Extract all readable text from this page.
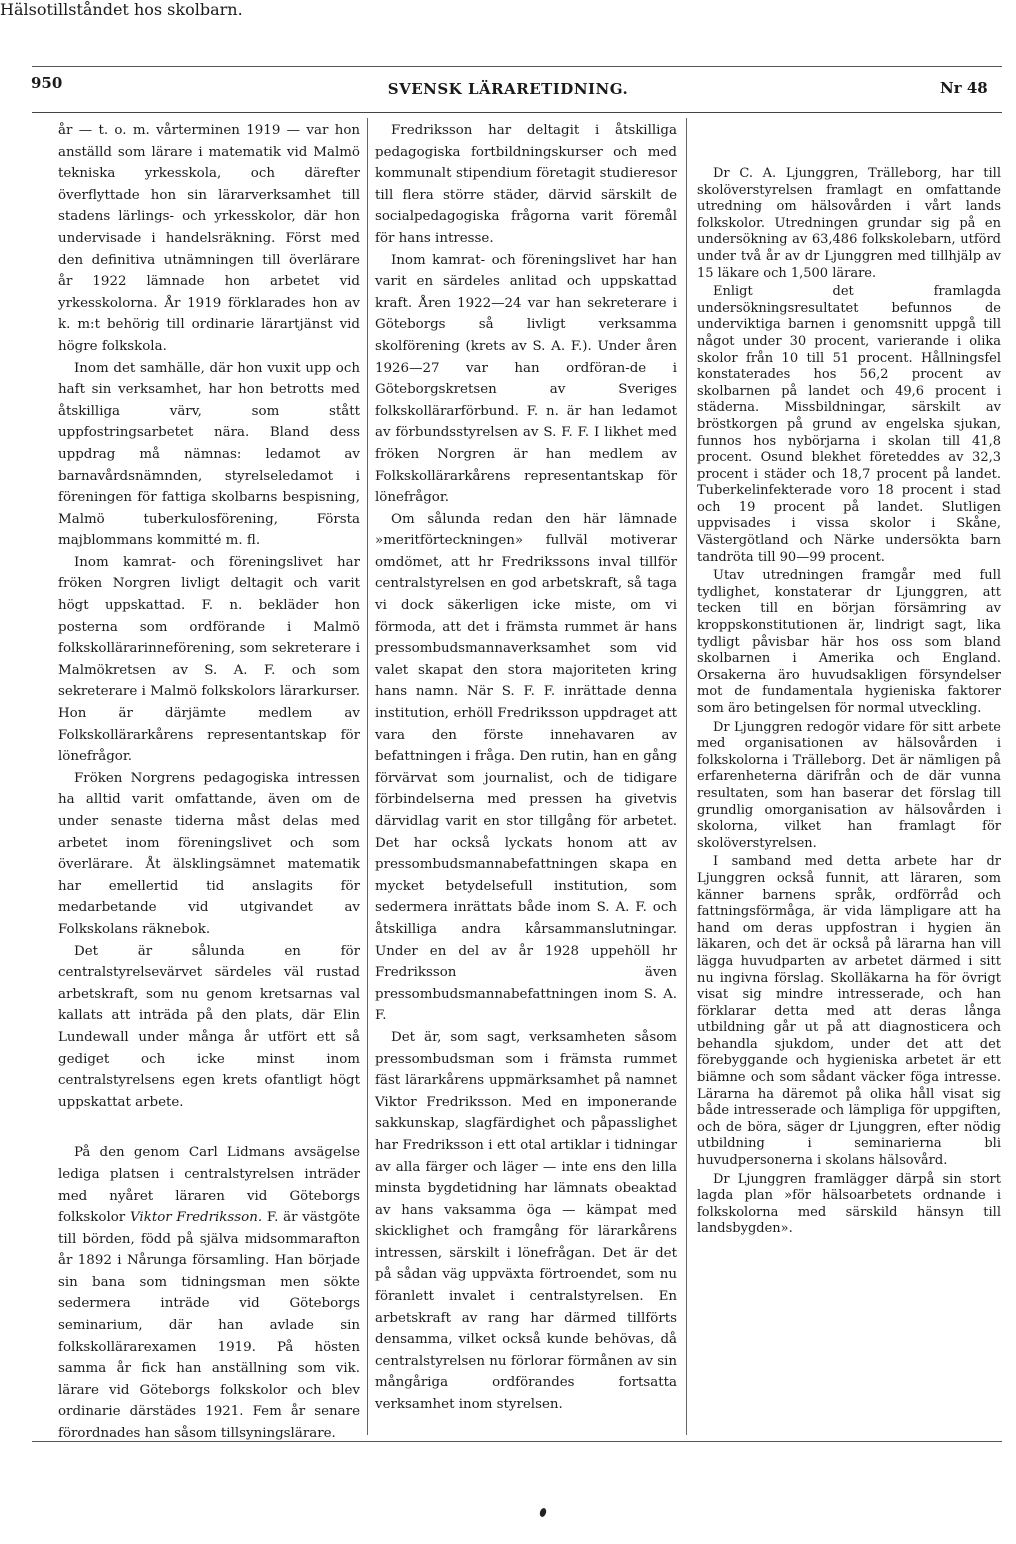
950	SVENSK LÄRARETIDNING.	Nr 48

år — t. o. m. vårterminen 1919 — var hon anställd som lärare i matematik vid Malmö tekniska yrkesskola, och därefter överflyttade hon sin lärarverksamhet till stadens lärlings- och yrkesskolor, där hon undervisade i handelsräkning. Först med den definitiva utnämningen till överlärare år 1922 lämnade hon arbetet vid yrkesskolorna. År 1919 förklarades hon av k. m:t behörig till ordinarie lärartjänst vid högre folkskola.

Inom det samhälle, där hon vuxit upp och haft sin verksamhet, har hon betrotts med åtskilliga värv, som stått uppfostringsarbetet nära. Bland dess uppdrag må nämnas: ledamot av barnavårdsnämnden, styrelseledamot i föreningen för fattiga skolbarns bespisning, Malmö tuberkulosförening, Första majblommans kommitté m. fl.

Inom kamrat- och föreningslivet har fröken Norgren livligt deltagit och varit högt uppskattad. F. n. bekläder hon posterna som ordförande i Malmö folkskollärarinneförening, som sekreterare i Malmökretsen av S. A. F. och som sekreterare i Malmö folkskolors lärarkurser. Hon är därjämte medlem av Folkskollärarkårens representantskap för lönefrågor.

Fröken Norgrens pedagogiska intressen ha alltid varit omfattande, även om de under senaste tiderna måst delas med arbetet inom föreningslivet och som överlärare. Åt älsklingsämnet matematik har emellertid tid anslagits för medarbetande vid utgivandet av Folkskolans räknebok.

Det är sålunda en för centralstyrelsevärvet särdeles väl rustad arbetskraft, som nu genom kretsarnas val kallats att inträda på den plats, där Elin Lundewall under många år utfört ett så gediget och icke minst inom centralstyrelsens egen krets ofantligt högt uppskattat arbete.

På den genom Carl Lidmans avsägelse lediga platsen i centralstyrelsen inträder med nyåret läraren vid Göteborgs folkskolor Viktor Fredriksson. F. är västgöte till börden, född på själva midsommarafton år 1892 i Nårunga församling. Han började sin bana som tidningsman men sökte sedermera inträde vid Göteborgs seminarium, där han avlade sin folkskollärarexamen 1919. På hösten samma år fick han anställning som vik. lärare vid Göteborgs folkskolor och blev ordinarie därstädes 1921. Fem år senare förordnades han såsom tillsyningslärare.

Fredriksson har deltagit i åtskilliga pedagogiska fortbildningskurser och med kommunalt stipendium företagit studieresor till flera större städer, därvid särskilt de socialpedagogiska frågorna varit föremål för hans intresse.

Inom kamrat- och föreningslivet har han varit en särdeles anlitad och uppskattad kraft. Åren 1922—24 var han sekreterare i Göteborgs så livligt verksamma skolförening (krets av S. A. F.). Under åren 1926—27 var han ordföran-de i Göteborgskretsen av Sveriges folkskollärarförbund. F. n. är han ledamot av förbundsstyrelsen av S. F. F. I likhet med fröken Norgren är han medlem av Folkskollärarkårens representantskap för lönefrågor.

Om sålunda redan den här lämnade »meritförteckningen» fullväl motiverar omdömet, att hr Fredrikssons inval tillför centralstyrelsen en god arbetskraft, så taga vi dock säkerligen icke miste, om vi förmoda, att det i främsta rummet är hans pressombudsmannaverksamhet som vid valet skapat den stora majoriteten kring hans namn. När S. F. F. inrättade denna institution, erhöll Fredriksson uppdraget att vara den förste innehavaren av befattningen i fråga. Den rutin, han en gång förvärvat som journalist, och de tidigare förbindelserna med pressen ha givetvis därvidlag varit en stor tillgång för arbetet. Det har också lyckats honom att av pressombudsmannabefattningen skapa en mycket betydelsefull institution, som sedermera inrättats både inom S. A. F. och åtskilliga andra kårsammanslutningar. Under en del av år 1928 uppehöll hr Fredriksson även pressombudsmannabefattningen inom S. A. F.

Det är, som sagt, verksamheten såsom pressombudsman som i främsta rummet fäst lärarkårens uppmärksamhet på namnet Viktor Fredriksson. Med en imponerande sakkunskap, slagfärdighet och påpasslighet har Fredriksson i ett otal artiklar i tidningar av alla färger och läger — inte ens den lilla minsta bygdetidning har lämnats obeaktad av hans vaksamma öga — kämpat med skicklighet och framgång för lärarkårens intressen, särskilt i lönefrågan. Det är det på sådan väg uppväxta förtroendet, som nu föranlett invalet i centralstyrelsen. En arbetskraft av rang har därmed tillförts densamma, vilket också kunde behövas, då centralstyrelsen nu förlorar förmånen av sin mångåriga ordförandes fortsatta verksamhet inom styrelsen.

Hälsotillståndet hos skolbarn.

Dr C. A. Ljunggren, Trälleborg, har till skolöverstyrelsen framlagt en omfattande utredning om hälsovården i vårt lands folkskolor. Utredningen grundar sig på en undersökning av 63,486 folkskolebarn, utförd under två år av dr Ljunggren med tillhjälp av 15 läkare och 1,500 lärare.

Enligt det framlagda undersökningsresultatet befunnos de underviktiga barnen i genomsnitt uppgå till något under 30 procent, varierande i olika skolor från 10 till 51 procent. Hållningsfel konstaterades hos 56,2 procent av skolbarnen på landet och 49,6 procent i städerna. Missbildningar, särskilt av bröstkorgen på grund av engelska sjukan, funnos hos nybörjarna i skolan till 41,8 procent. Osund blekhet företeddes av 32,3 procent i städer och 18,7 procent på landet. Tuberkelinfekterade voro 18 procent i stad och 19 procent på landet. Slutligen uppvisades i vissa skolor i Skåne, Västergötland och Närke undersökta barn tandröta till 90—99 procent.

Utav utredningen framgår med full tydlighet, konstaterar dr Ljunggren, att tecken till en början försämring av kroppskonstitutionen är, lindrigt sagt, lika tydligt påvisbar här hos oss som bland skolbarnen i Amerika och England. Orsakerna äro huvudsakligen försyndelser mot de fundamentala hygieniska faktorer som äro betingelsen för normal utveckling.

Dr Ljunggren redogör vidare för sitt arbete med organisationen av hälsovården i folkskolorna i Trälleborg. Det är nämligen på erfarenheterna därifrån och de där vunna resultaten, som han baserar det förslag till grundlig omorganisation av hälsovården i skolorna, vilket han framlagt för skolöverstyrelsen.

I samband med detta arbete har dr Ljunggren också funnit, att läraren, som känner barnens språk, ordförråd och fattningsförmåga, är vida lämpligare att ha hand om deras uppfostran i hygien än läkaren, och det är också på lärarna han vill lägga huvudparten av arbetet därmed i sitt nu ingivna förslag. Skolläkarna ha för övrigt visat sig mindre intresserade, och han förklarar detta med att deras långa utbildning går ut på att diagnosticera och behandla sjukdom, under det att det förebyggande och hygieniska arbetet är ett biämne och som sådant väcker föga intresse. Lärarna ha däremot på olika håll visat sig både intresserade och lämpliga för uppgiften, och de böra, säger dr Ljunggren, efter nödig utbildning i seminarierna bli huvudpersonerna i skolans hälsovård.

Dr Ljunggren framlägger därpå sin stort lagda plan »för hälsoarbetets ordnande i folkskolorna med särskild hänsyn till landsbygden».
